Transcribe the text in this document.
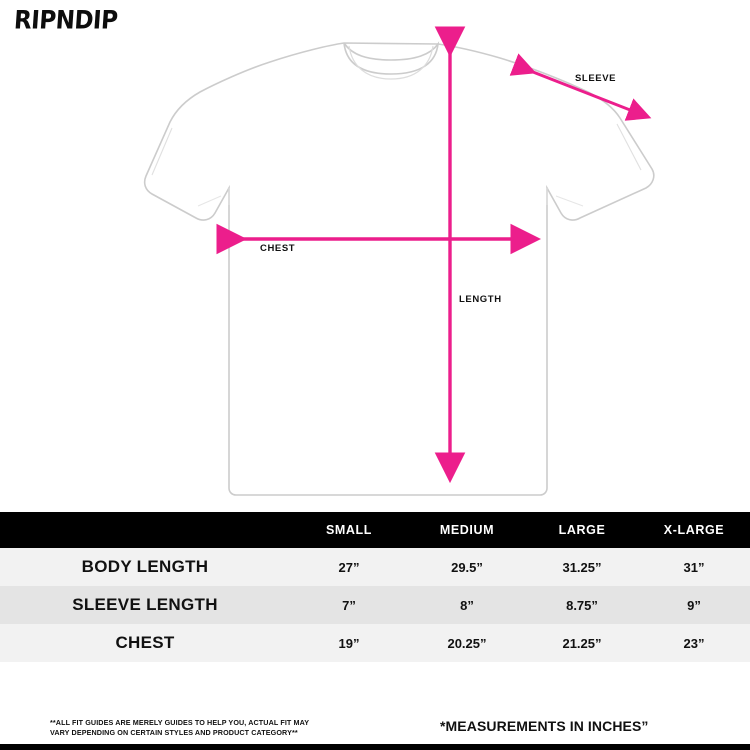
RIPNDIP
CHEST
LENGTH
SLEEVE
	SMALL	MEDIUM	LARGE	X-LARGE
BODY LENGTH	27”	29.5”	31.25”	31”
SLEEVE LENGTH	7”	8”	8.75”	9”
CHEST	19”	20.25”	21.25”	23”
**ALL FIT GUIDES ARE MERELY GUIDES TO HELP YOU, ACTUAL FIT MAY VARY DEPENDING ON CERTAIN STYLES AND PRODUCT CATEGORY**	*MEASUREMENTS IN INCHES”
